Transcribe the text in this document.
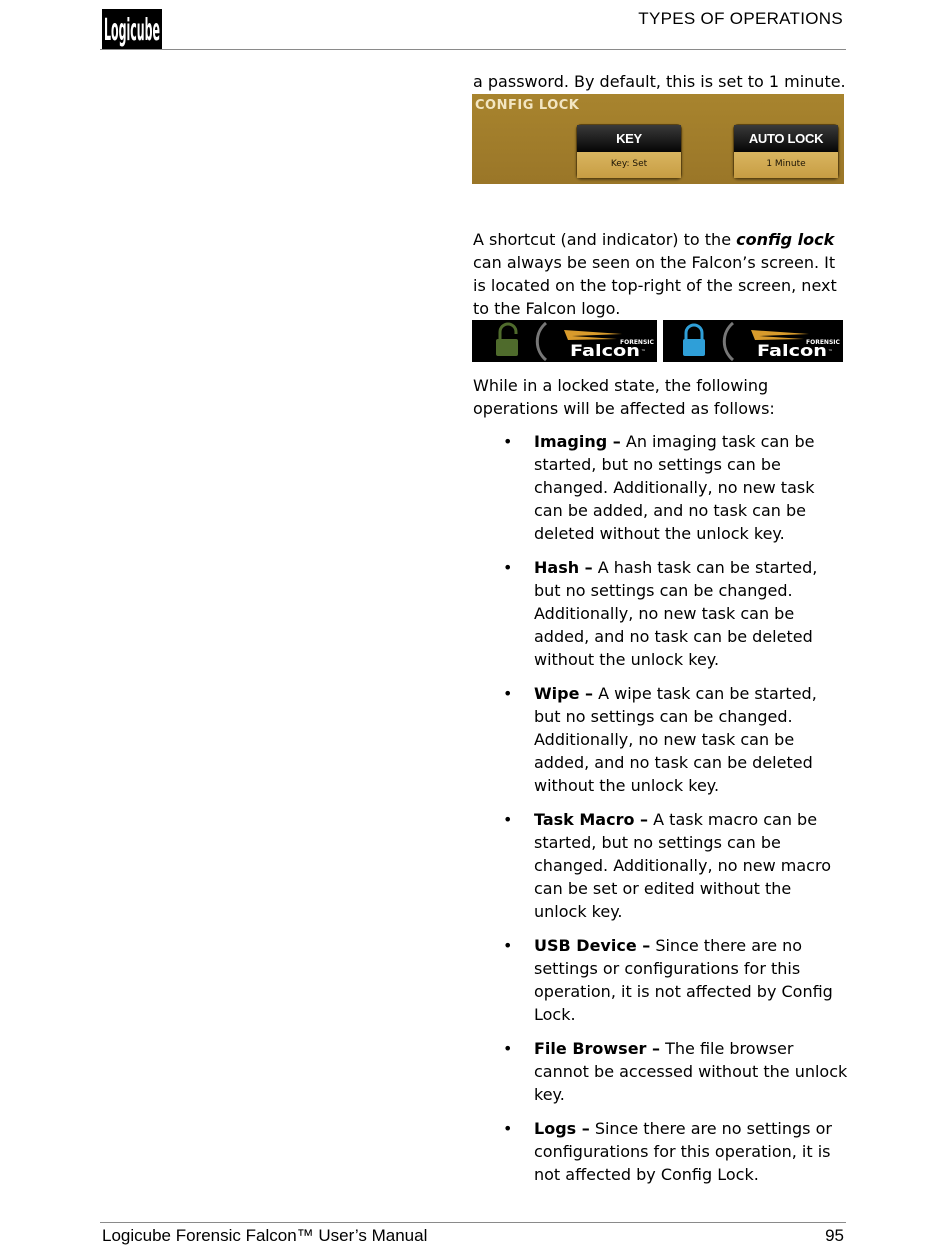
Logicube	TYPES OF OPERATIONS
a password. By default, this is set to 1 minute.
CONFIG LOCK
KEY
Key: Set
AUTO LOCK
1 Minute
A shortcut (and indicator) to the config lock can always be seen on the Falcon’s screen. It is located on the top-right of the screen, next to the Falcon logo.
FORENSIC
Falcon ™
FORENSIC
Falcon ™
While in a locked state, the following operations will be affected as follows:
• Imaging – An imaging task can be started, but no settings can be changed. Additionally, no new task can be added, and no task can be deleted without the unlock key.
• Hash – A hash task can be started, but no settings can be changed. Additionally, no new task can be added, and no task can be deleted without the unlock key.
• Wipe – A wipe task can be started, but no settings can be changed. Additionally, no new task can be added, and no task can be deleted without the unlock key.
• Task Macro – A task macro can be started, but no settings can be changed. Additionally, no new macro can be set or edited without the unlock key.
• USB Device – Since there are no settings or configurations for this operation, it is not affected by Config Lock.
• File Browser – The file browser cannot be accessed without the unlock key.
• Logs – Since there are no settings or configurations for this operation, it is not affected by Config Lock.
Logicube Forensic Falcon™ User’s Manual	95
